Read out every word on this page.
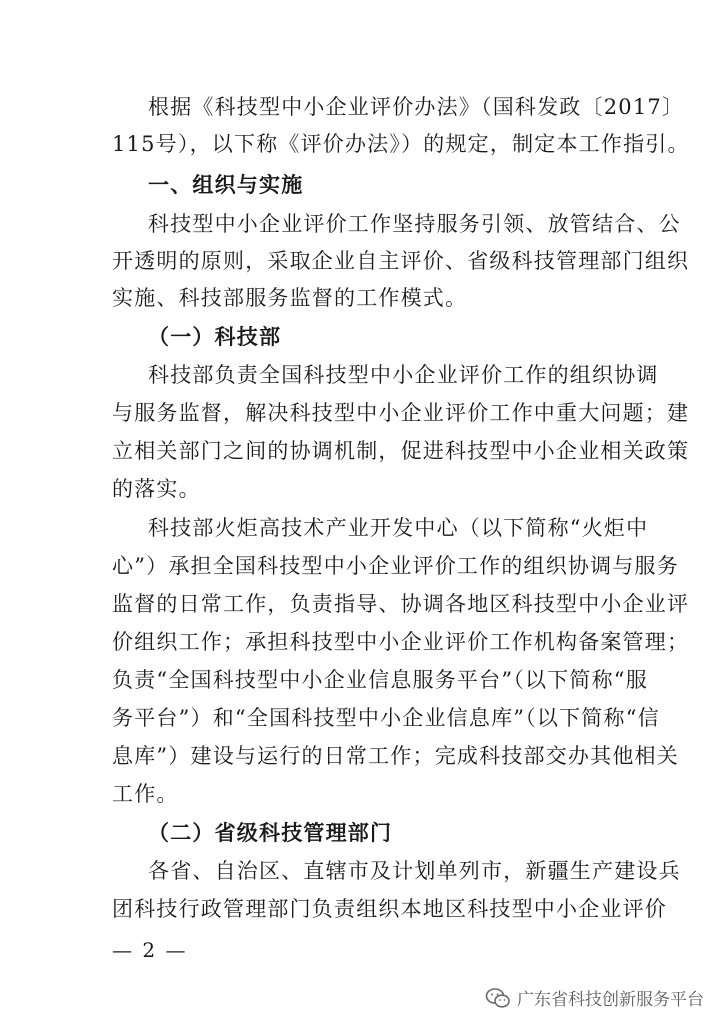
根据《科技型中小企业评价办法》（国科发政〔2017〕
115号），以下称《评价办法》）的规定，制定本工作指引。
一、组织与实施
科技型中小企业评价工作坚持服务引领、放管结合、公
开透明的原则，采取企业自主评价、省级科技管理部门组织
实施、科技部服务监督的工作模式。
（一）科技部
科技部负责全国科技型中小企业评价工作的组织协调
与服务监督，解决科技型中小企业评价工作中重大问题；建
立相关部门之间的协调机制，促进科技型中小企业相关政策
的落实。
科技部火炬高技术产业开发中心（以下简称“火炬中
心”）承担全国科技型中小企业评价工作的组织协调与服务
监督的日常工作，负责指导、协调各地区科技型中小企业评
价组织工作；承担科技型中小企业评价工作机构备案管理；
负责“全国科技型中小企业信息服务平台”（以下简称“服
务平台”）和“全国科技型中小企业信息库”（以下简称“信
息库”）建设与运行的日常工作；完成科技部交办其他相关
工作。
（二）省级科技管理部门
各省、自治区、直辖市及计划单列市，新疆生产建设兵
团科技行政管理部门负责组织本地区科技型中小企业评价
— 2 —
广东省科技创新服务平台
